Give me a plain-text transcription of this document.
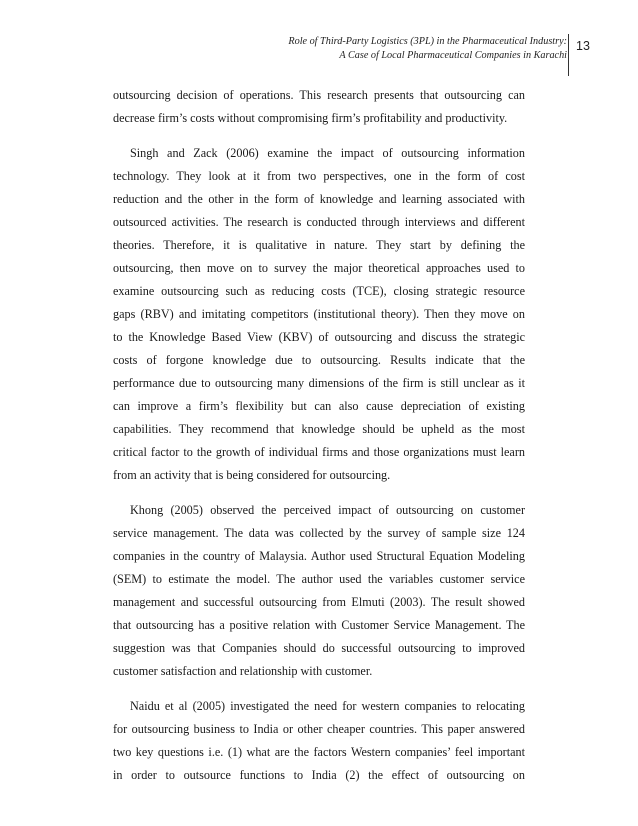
Role of Third-Party Logistics (3PL) in the Pharmaceutical Industry:
A Case of Local Pharmaceutical Companies in Karachi
13
outsourcing decision of operations. This research presents that outsourcing can
decrease firm’s costs without compromising firm’s profitability and productivity.
Singh and Zack (2006) examine the impact of outsourcing information
technology. They look at it from two perspectives, one in the form of cost
reduction and the other in the form of knowledge and learning associated with
outsourced activities. The research is conducted through interviews and different
theories. Therefore, it is qualitative in nature. They start by defining the
outsourcing, then move on to survey the major theoretical approaches used to
examine outsourcing such as reducing costs (TCE), closing strategic resource
gaps (RBV) and imitating competitors (institutional theory). Then they move on
to the Knowledge Based View (KBV) of outsourcing and discuss the strategic
costs of forgone knowledge due to outsourcing. Results indicate that the
performance due to outsourcing many dimensions of the firm is still unclear as it
can improve a firm’s flexibility but can also cause depreciation of existing
capabilities. They recommend that knowledge should be upheld as the most
critical factor to the growth of individual firms and those organizations must learn
from an activity that is being considered for outsourcing.
Khong (2005) observed the perceived impact of outsourcing on customer
service management. The data was collected by the survey of sample size 124
companies in the country of Malaysia. Author used Structural Equation Modeling
(SEM) to estimate the model. The author used the variables customer service
management and successful outsourcing from Elmuti (2003). The result showed
that outsourcing has a positive relation with Customer Service Management. The
suggestion was that Companies should do successful outsourcing to improved
customer satisfaction and relationship with customer.
Naidu et al (2005) investigated the need for western companies to relocating
for outsourcing business to India or other cheaper countries. This paper answered
two key questions i.e. (1) what are the factors Western companies’ feel important
in order to outsource functions to India (2) the effect of outsourcing on
